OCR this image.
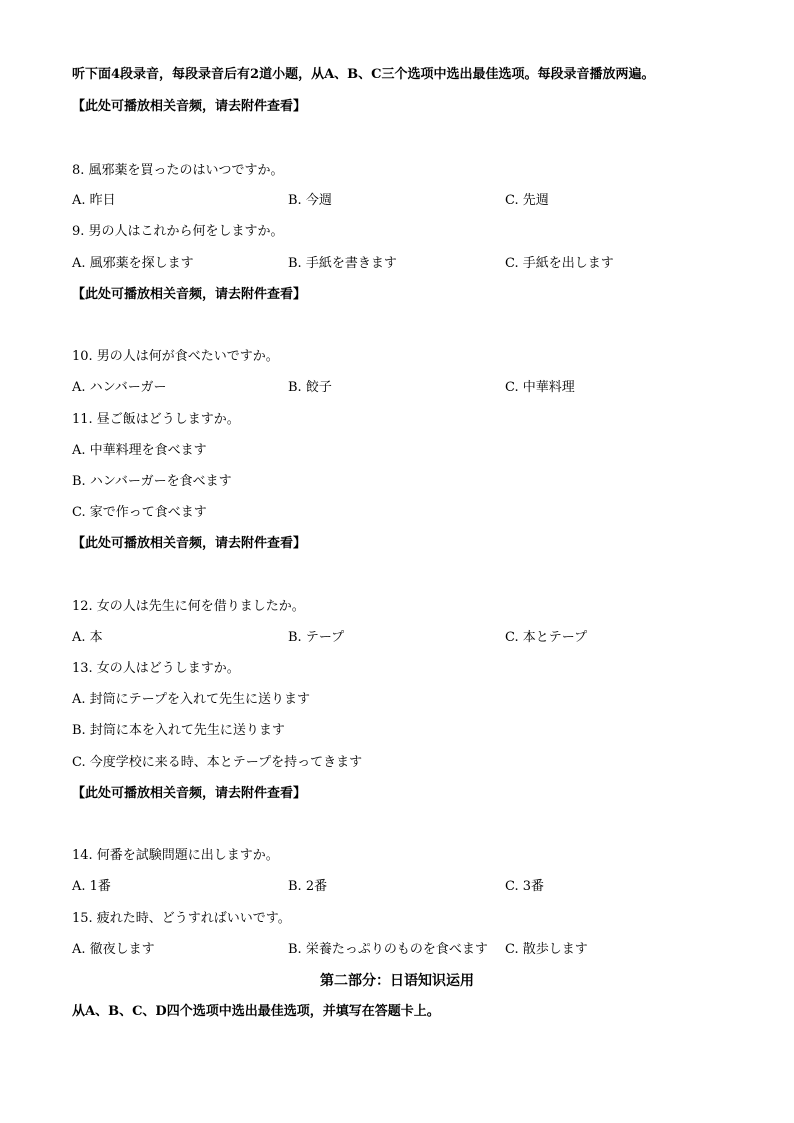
听下面4段录音，每段录音后有2道小题，从A、B、C三个选项中选出最佳选项。每段录音播放两遍。
【此处可播放相关音频，请去附件查看】
8. 風邪薬を買ったのはいつですか。
A. 昨日	B. 今週	C. 先週
9. 男の人はこれから何をしますか。
A. 風邪薬を探します	B. 手紙を書きます	C. 手紙を出します
【此处可播放相关音频，请去附件查看】
10. 男の人は何が食べたいですか。
A. ハンバーガー	B. 餃子	C. 中華料理
11. 昼ご飯はどうしますか。
A. 中華料理を食べます
B. ハンバーガーを食べます
C. 家で作って食べます
【此处可播放相关音频，请去附件查看】
12. 女の人は先生に何を借りましたか。
A. 本	B. テープ	C. 本とテープ
13. 女の人はどうしますか。
A. 封筒にテープを入れて先生に送ります
B. 封筒に本を入れて先生に送ります
C. 今度学校に来る時、本とテープを持ってきます
【此处可播放相关音频，请去附件查看】
14. 何番を試験問題に出しますか。
A. 1番	B. 2番	C. 3番
15. 疲れた時、どうすればいいです。
A. 徹夜します	B. 栄養たっぷりのものを食べます C. 散歩します
第二部分：日语知识运用
从A、B、C、D四个选项中选出最佳选项，并填写在答题卡上。
